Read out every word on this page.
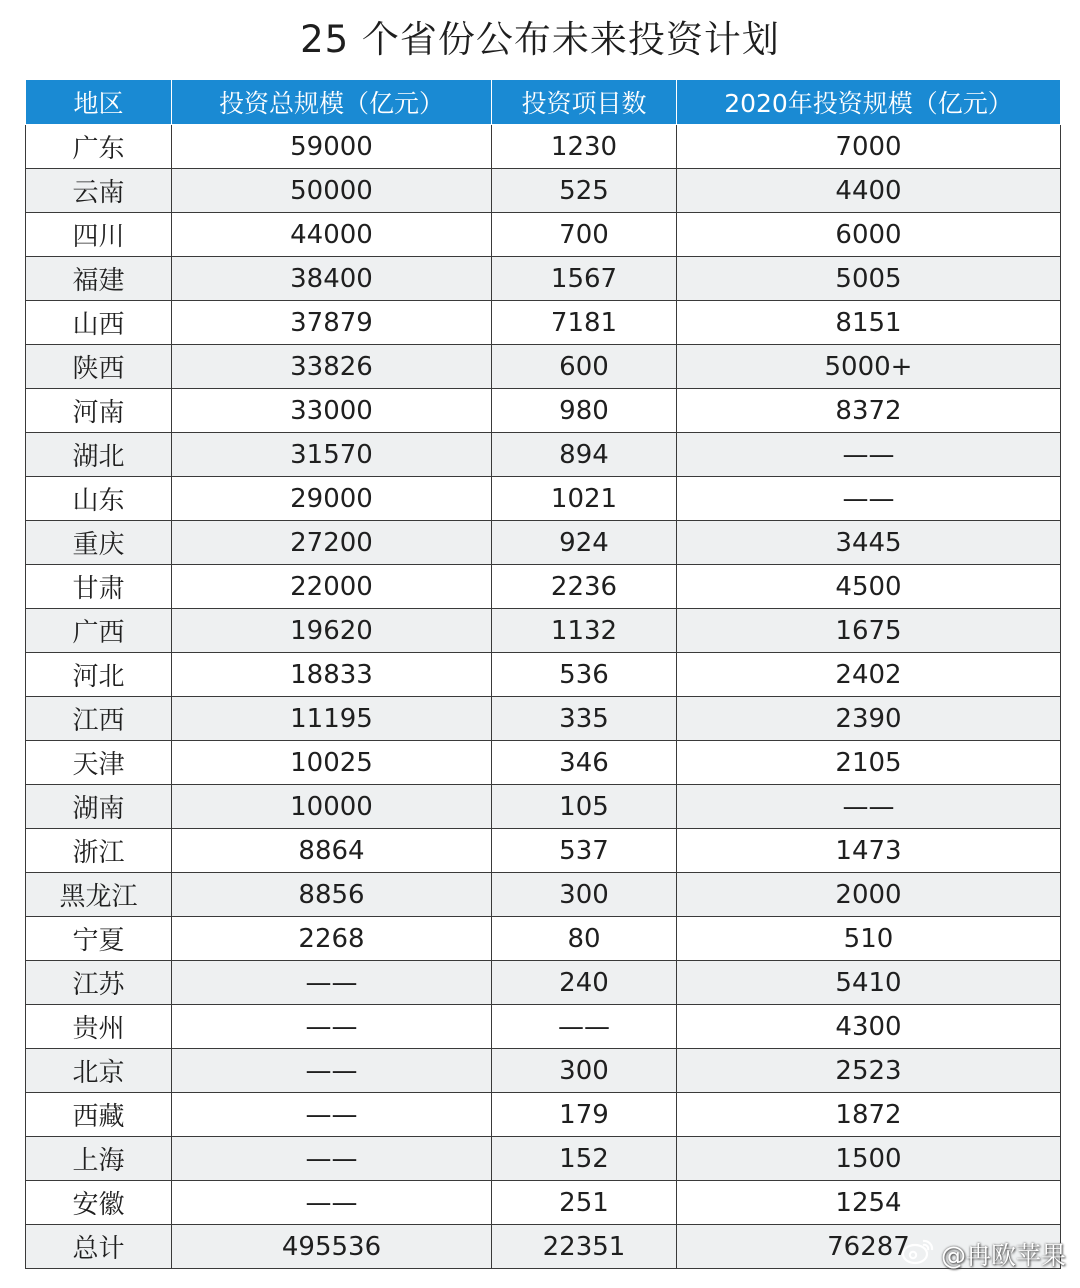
25 个省份公布未来投资计划
地区	投资总规模（亿元）	投资项目数	2020年投资规模（亿元）
广东	59000	1230	7000
云南	50000	525	4400
四川	44000	700	6000
福建	38400	1567	5005
山西	37879	7181	8151
陕西	33826	600	5000+
河南	33000	980	8372
湖北	31570	894	——
山东	29000	1021	——
重庆	27200	924	3445
甘肃	22000	2236	4500
广西	19620	1132	1675
河北	18833	536	2402
江西	11195	335	2390
天津	10025	346	2105
湖南	10000	105	——
浙江	8864	537	1473
黑龙江	8856	300	2000
宁夏	2268	80	510
江苏	——	240	5410
贵州	——	——	4300
北京	——	300	2523
西藏	——	179	1872
上海	——	152	1500
安徽	——	251	1254
总计	495536	22351	76287 @冉欧苹果
